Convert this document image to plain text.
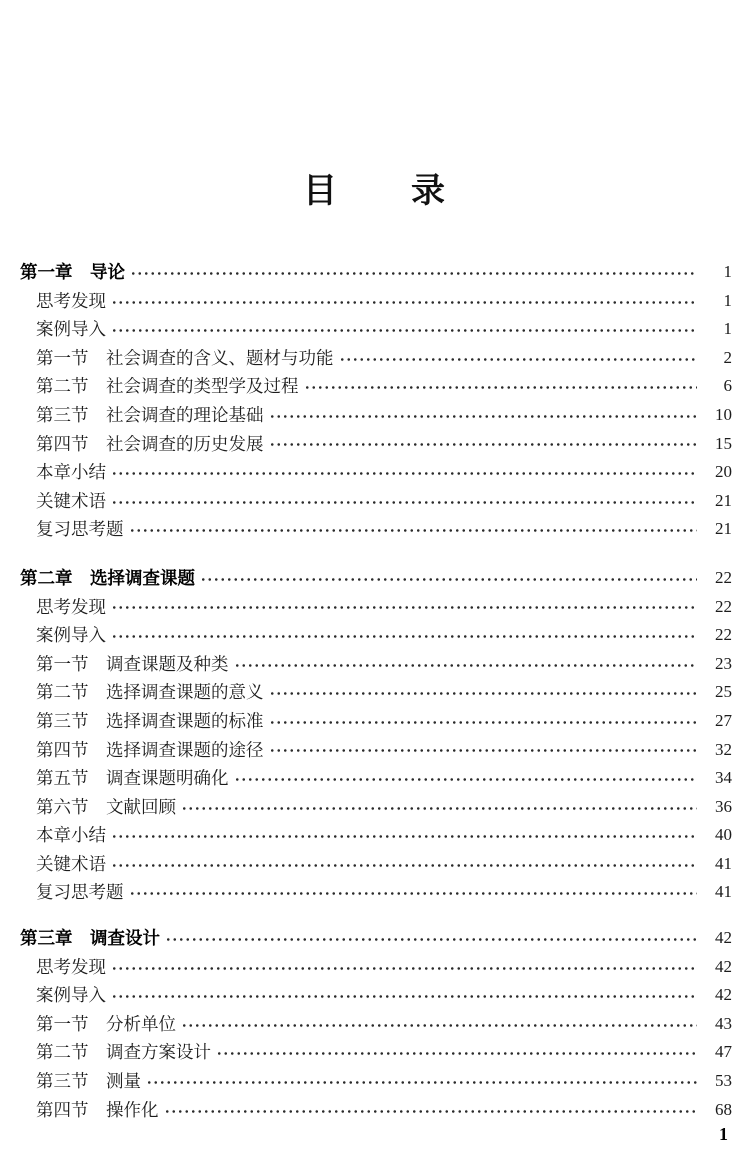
目　　录
第一章　导论	1
思考发现	1
案例导入	1
第一节　社会调查的含义、题材与功能	2
第二节　社会调查的类型学及过程	6
第三节　社会调查的理论基础	10
第四节　社会调查的历史发展	15
本章小结	20
关键术语	21
复习思考题	21
第二章　选择调查课题	22
思考发现	22
案例导入	22
第一节　调查课题及种类	23
第二节　选择调查课题的意义	25
第三节　选择调查课题的标准	27
第四节　选择调查课题的途径	32
第五节　调查课题明确化	34
第六节　文献回顾	36
本章小结	40
关键术语	41
复习思考题	41
第三章　调查设计	42
思考发现	42
案例导入	42
第一节　分析单位	43
第二节　调查方案设计	47
第三节　测量	53
第四节　操作化	68
1
